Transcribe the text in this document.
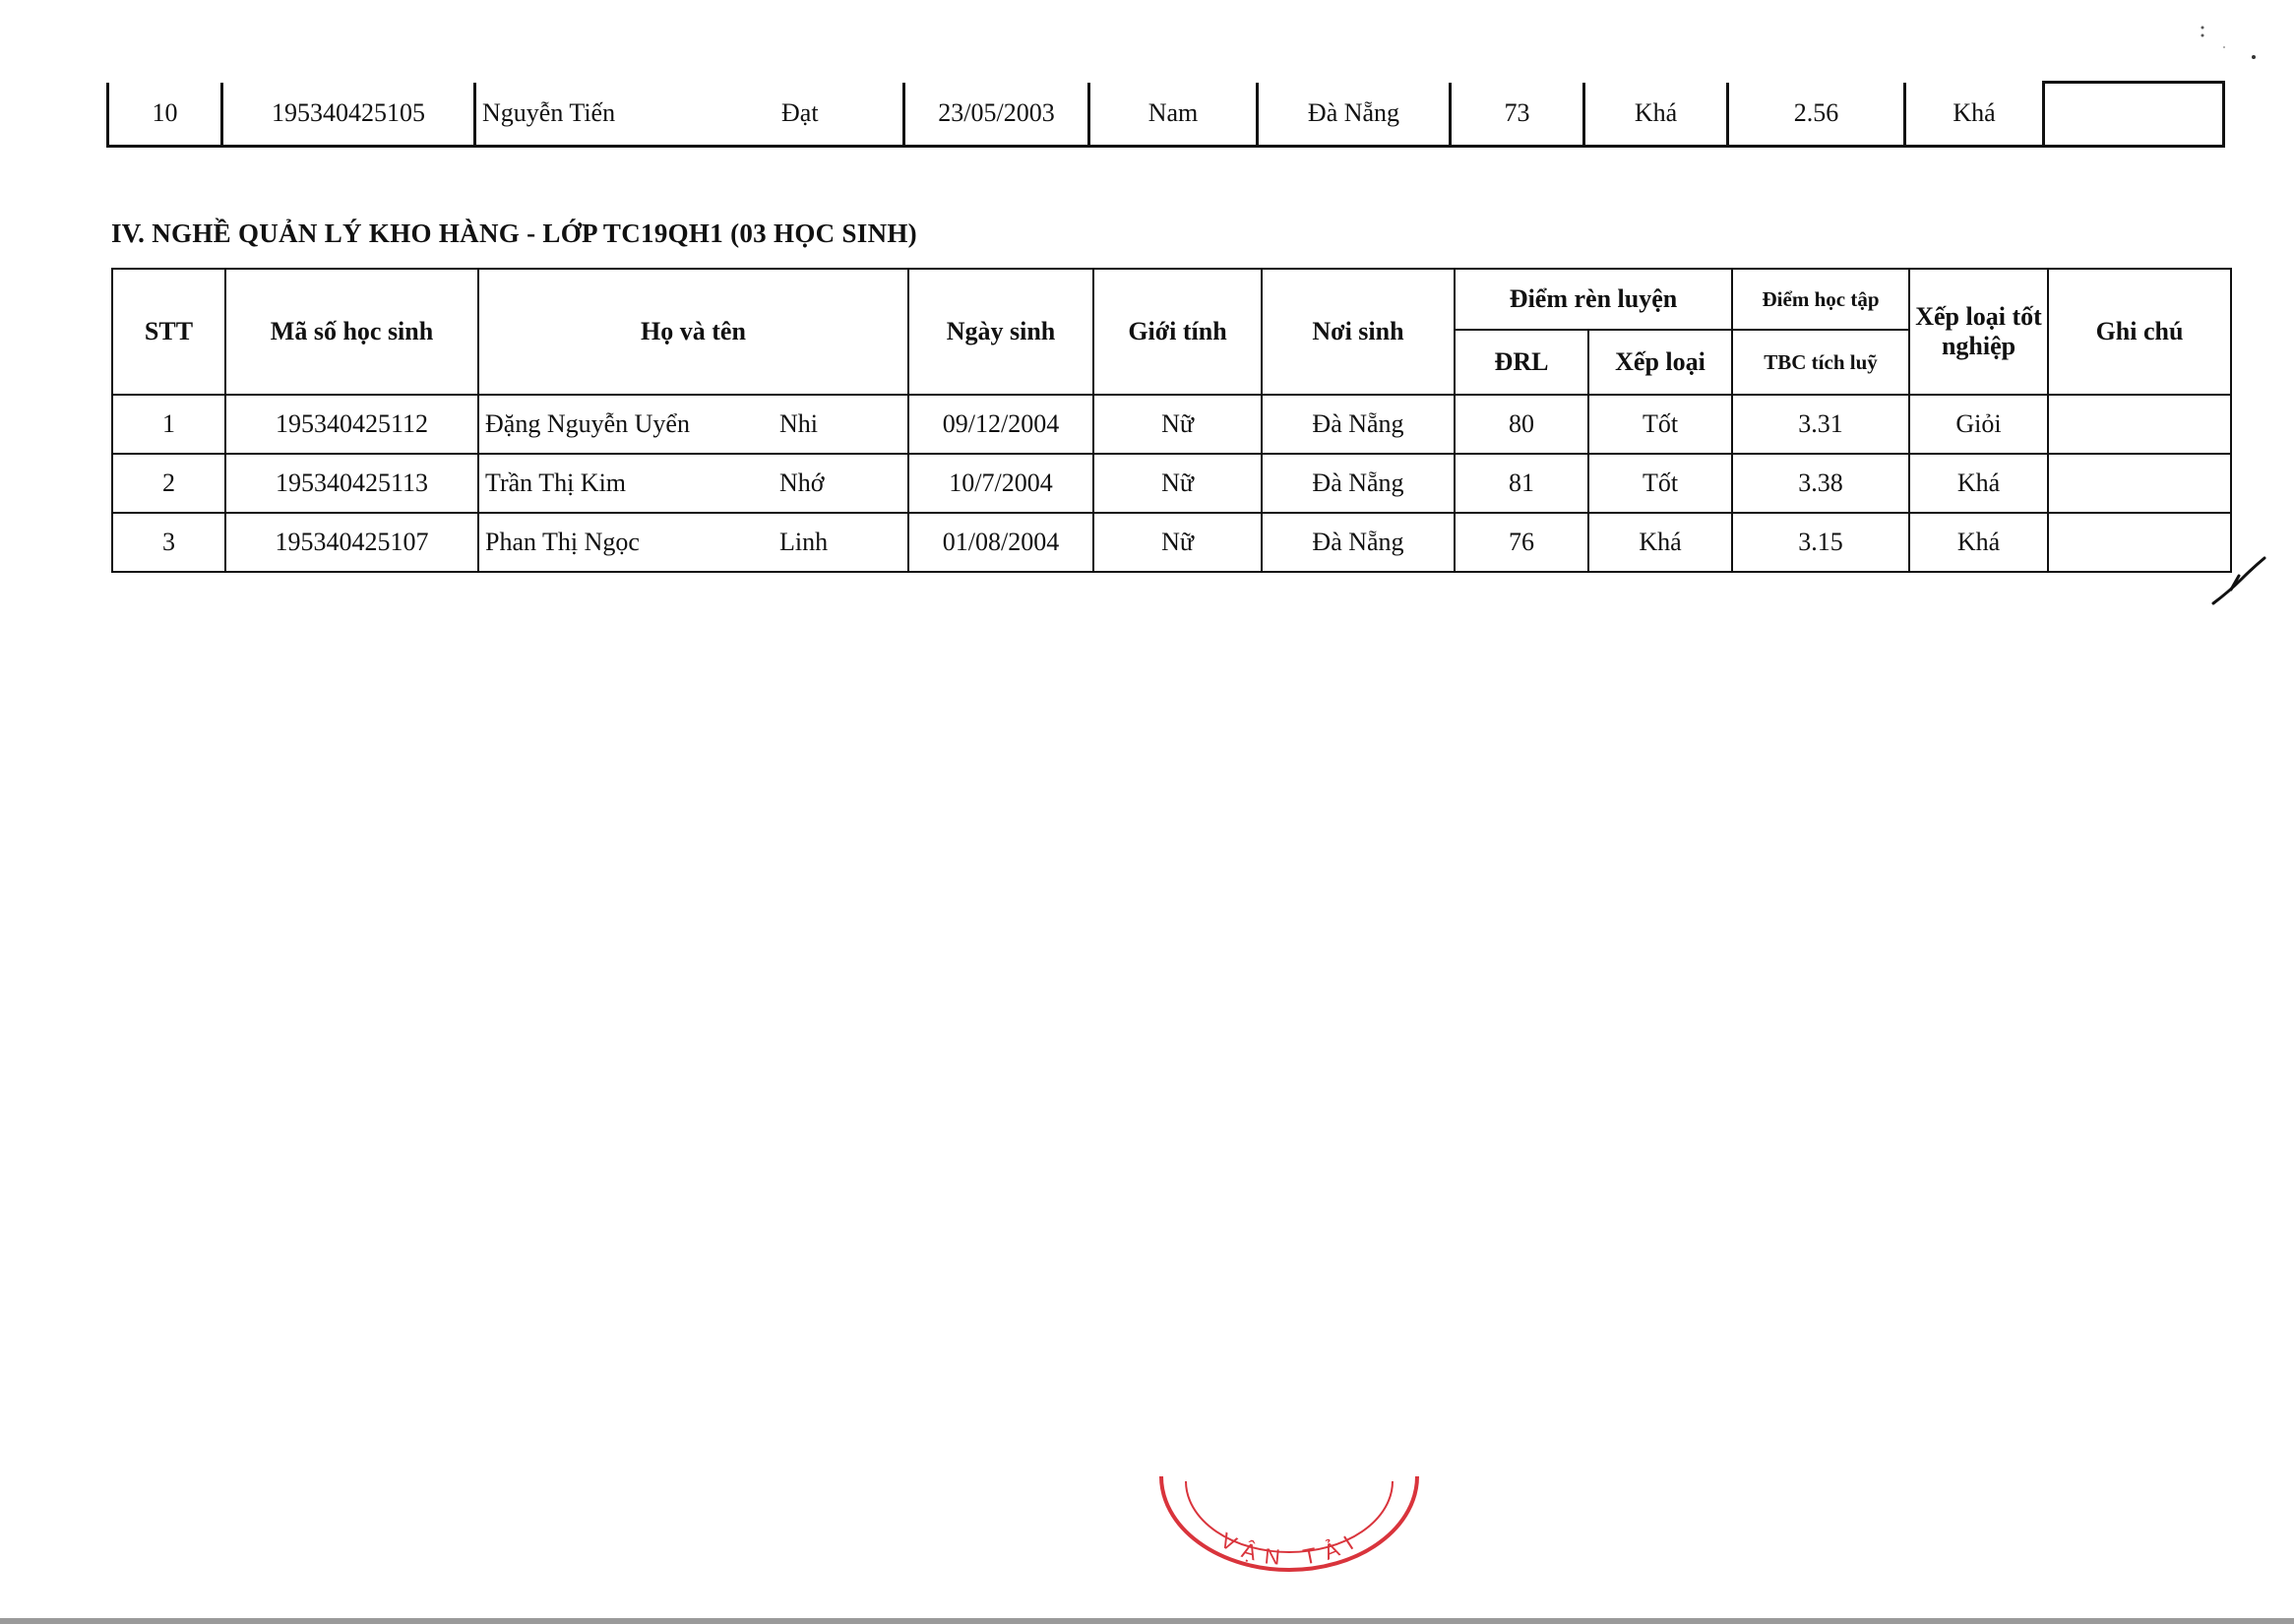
10	195340425105	Nguyễn Tiến	Đạt	23/05/2003	Nam	Đà Nẵng	73	Khá	2.56	Khá	
IV. NGHỀ QUẢN LÝ KHO HÀNG - LỚP TC19QH1 (03 HỌC SINH)
STT	Mã số học sinh	Họ và tên	Ngày sinh	Giới tính	Nơi sinh	Điểm rèn luyện		Điểm học tập	Xếp loại tốt nghiệp	Ghi chú
						ĐRL	Xếp loại	TBC tích luỹ		
1	195340425112	Đặng Nguyễn Uyển Nhi	09/12/2004	Nữ	Đà Nẵng	80	Tốt	3.31	Giỏi	
2	195340425113	Trần Thị Kim Nhớ	10/7/2004	Nữ	Đà Nẵng	81	Tốt	3.38	Khá	
3	195340425107	Phan Thị Ngọc Linh	01/08/2004	Nữ	Đà Nẵng	76	Khá	3.15	Khá	
VẬN TẢI
